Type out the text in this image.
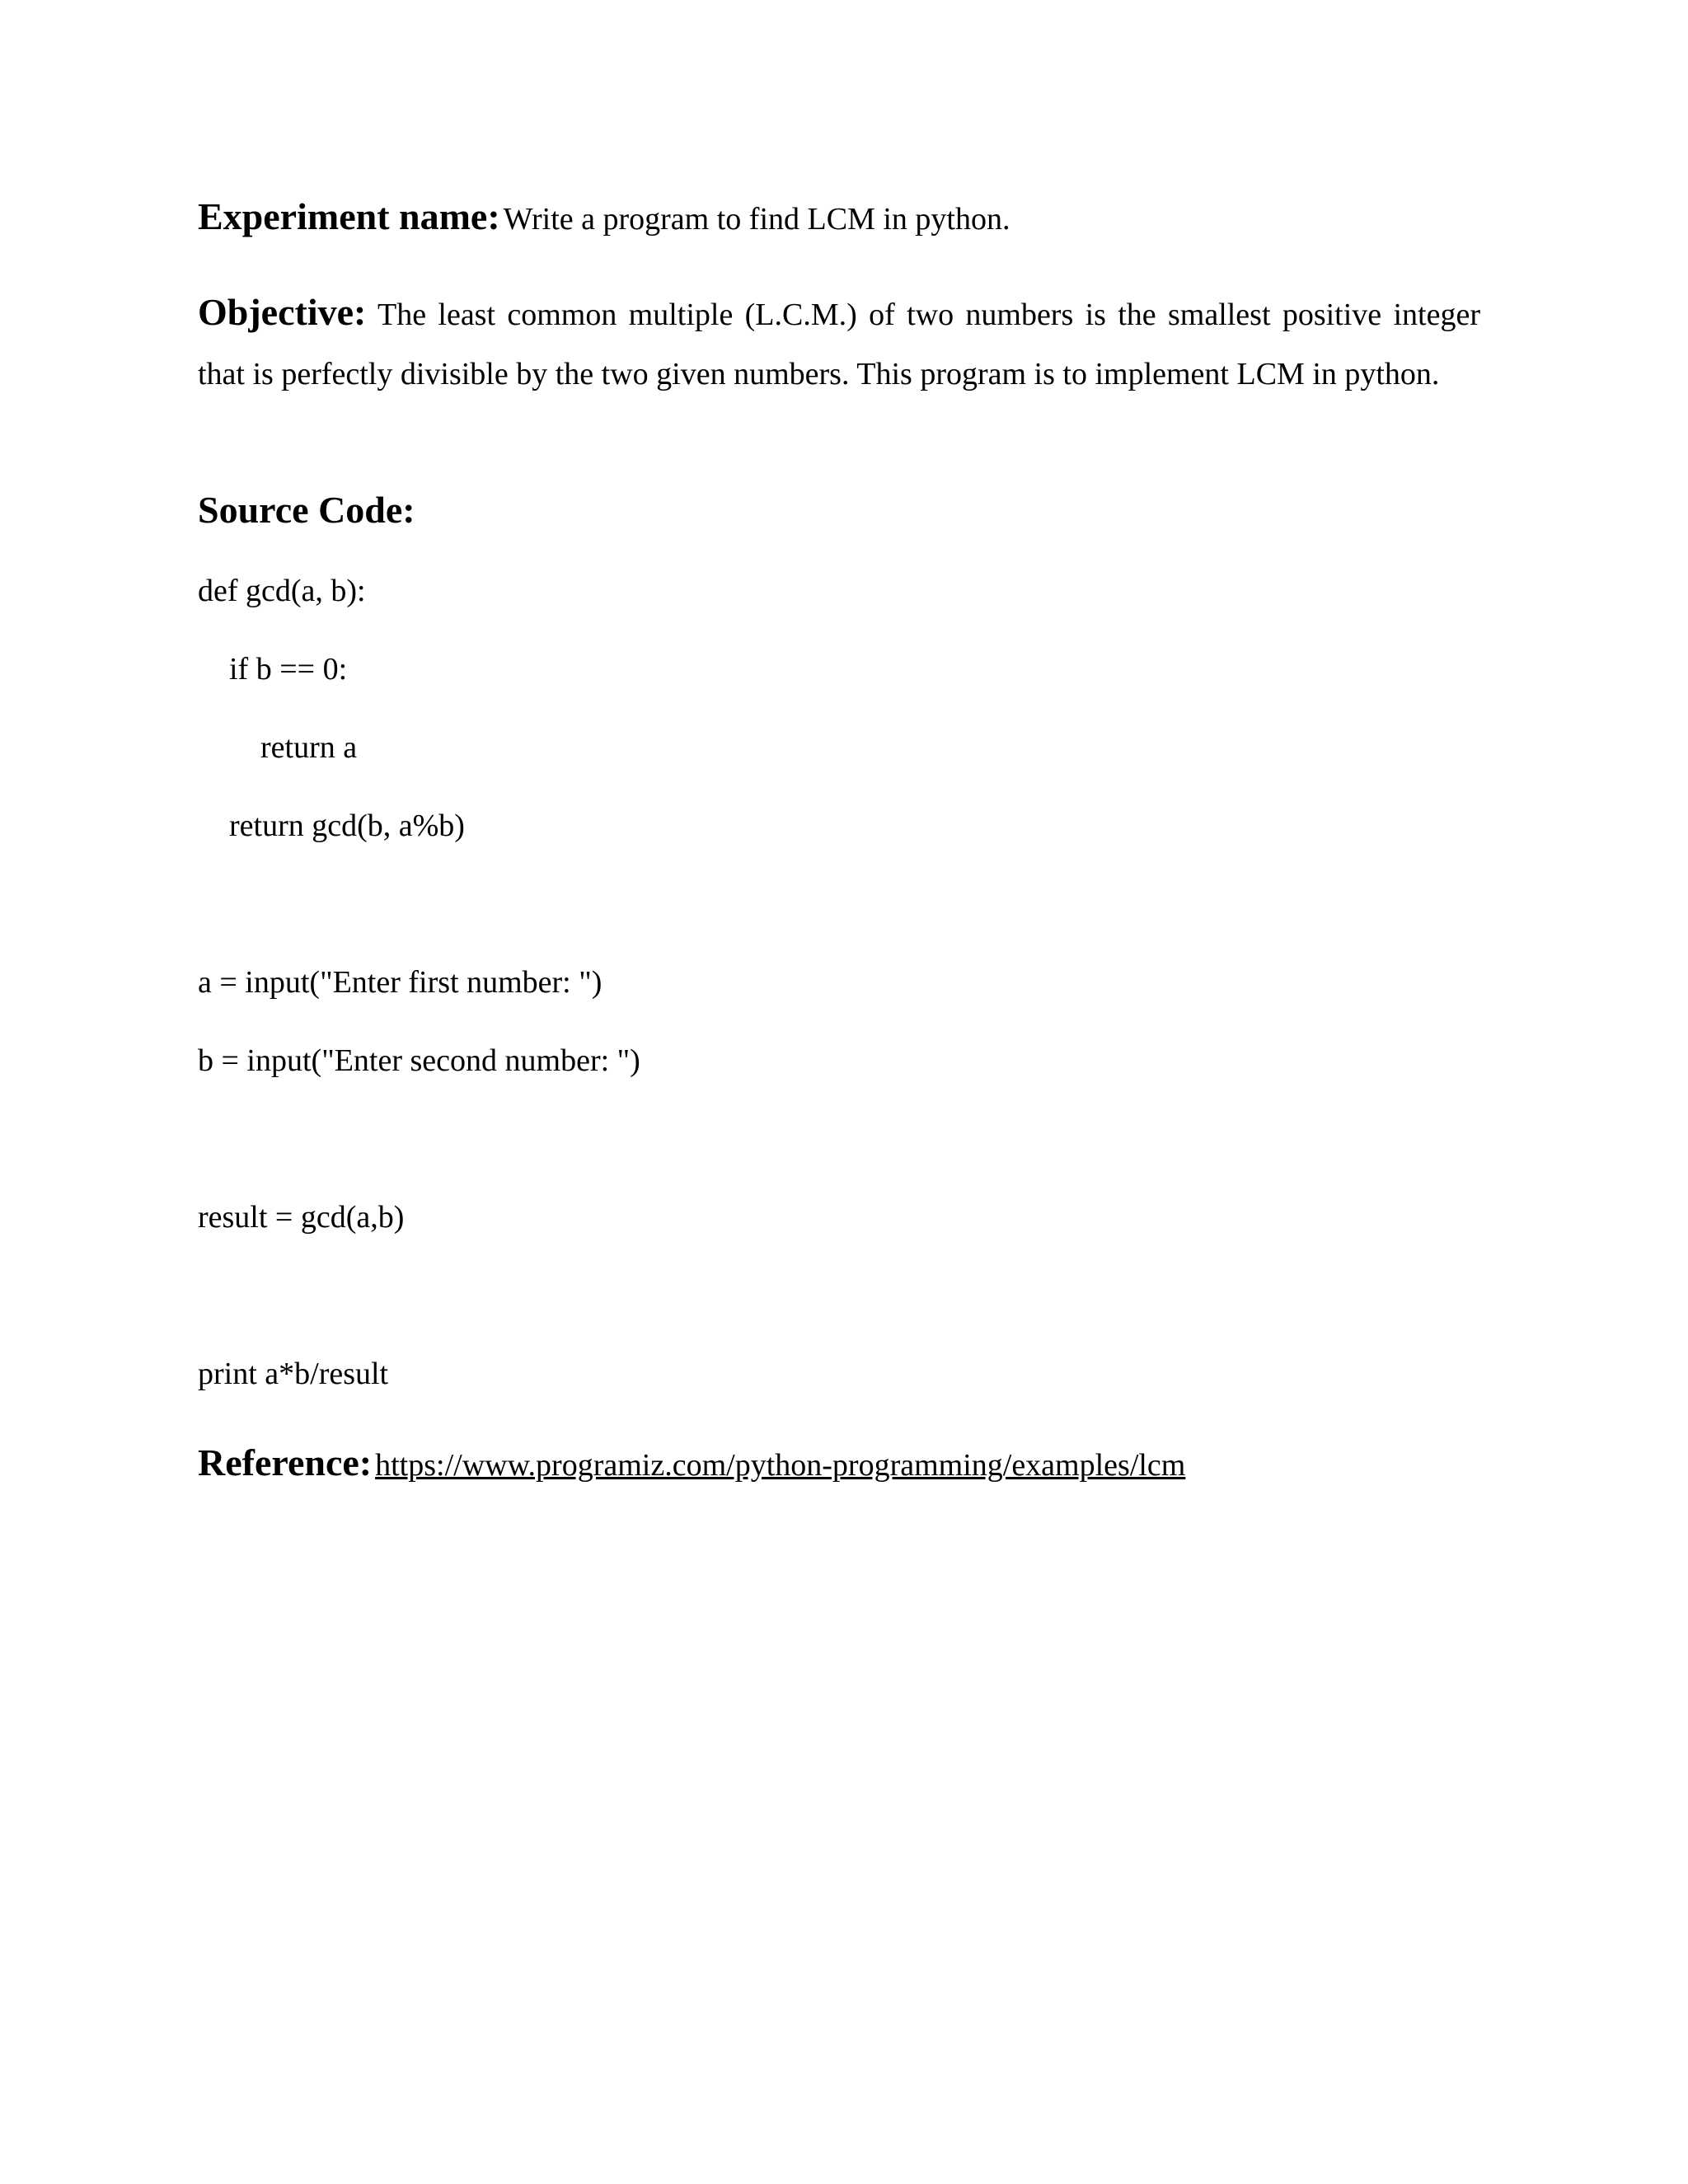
Experiment name: Write a program to find LCM in python.
Objective: The least common multiple (L.C.M.) of two numbers is the smallest positive integer that is perfectly divisible by the two given numbers. This program is to implement LCM in python.
Source Code:
def gcd(a, b):
if b == 0:
return a
return gcd(b, a%b)
a = input("Enter first number: ")
b = input("Enter second number: ")
result = gcd(a,b)
print a*b/result
Reference: https://www.programiz.com/python-programming/examples/lcm
